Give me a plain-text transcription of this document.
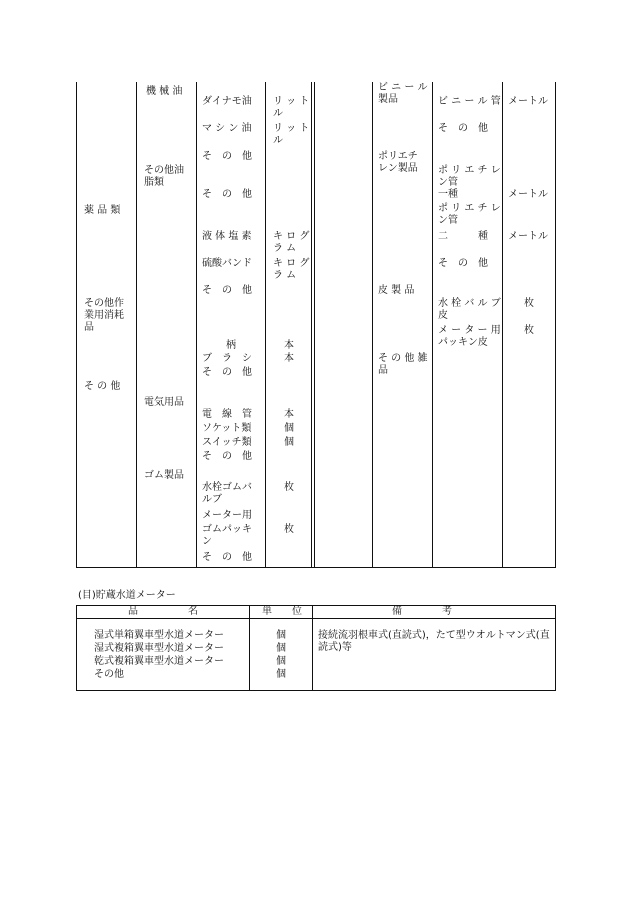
薬 品 類
その他作
業用消耗
品
そ の 他
機 械 油
その他油
脂類
電気用品
ゴム製品
ダイナモ油
マ シ ン 油
そ　の　他
そ　の　他
液 体 塩 素
硫酸バンド
そ　の　他
柄
ブ　ラ　シ
そ　の　他
電　線　管
ソケット類
スイッチ類
そ　の　他
水栓ゴムバ
ルブ
メーター用
ゴムパッキ
ン
そ　の　他
リ ッ ト
ル
リ ッ ト
ル
キ ロ グ
ラ ム
キ ロ グ
ラ ム
本
本
本
個
個
枚
枚
ビ ニ ー ル
製品
ポリエチ
レン製品
皮 製 品
そ の 他 雑
品
ビ ニ ー ル 管
そ　の　他
ポ リ エ チ レ
ン管
一種
ポ リ エ チ レ
ン管
二　　　種
そ　の　他
水 栓 バ ル ブ
皮
メ ー タ ー 用
パッキン皮
メートル
メートル
メートル
枚
枚
(目)貯蔵水道メーター
品　　　　　名	単　　位	備　　　　考
湿式単箱翼車型水道メーター
湿式複箱翼車型水道メーター
乾式複箱翼車型水道メーター
その他
個
個
個
個
接続流羽根車式(直読式)，たて型ウオルトマン式(直読式)等
